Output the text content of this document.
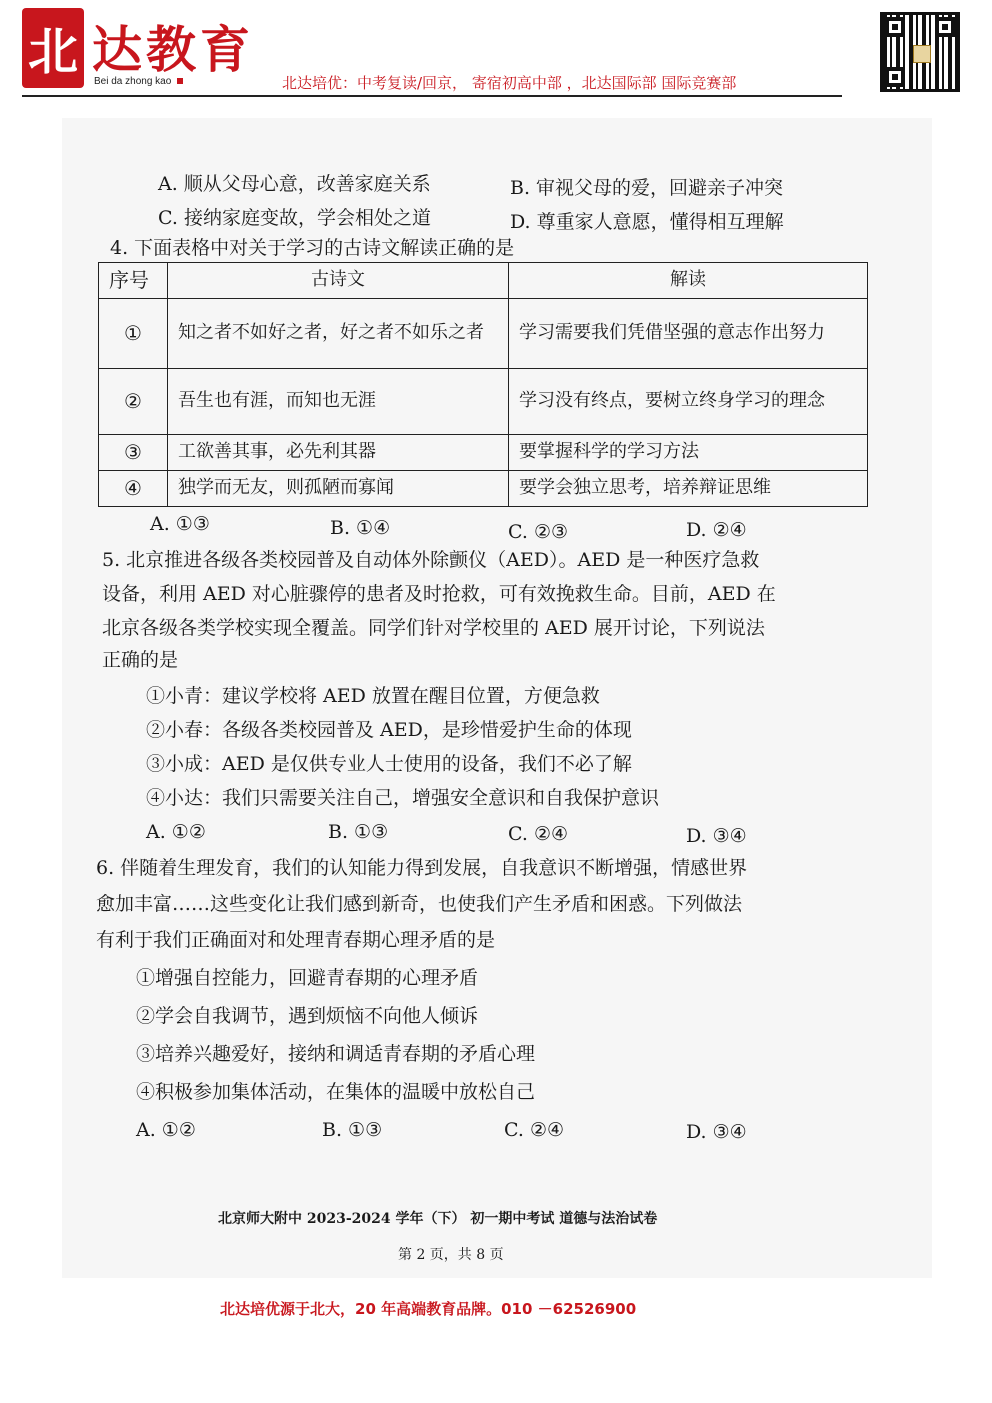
北 达教育
Bei da zhong kao	北达培优：中考复读/回京， 寄宿初高中部 ，北达国际部 国际竞赛部
A. 顺从父母心意，改善家庭关系	B. 审视父母的爱，回避亲子冲突
C. 接纳家庭变故，学会相处之道	D. 尊重家人意愿，懂得相互理解
4. 下面表格中对关于学习的古诗文解读正确的是
序号	古诗文	解读
①	知之者不如好之者，好之者不如乐之者	学习需要我们凭借坚强的意志作出努力
②	吾生也有涯，而知也无涯	学习没有终点，要树立终身学习的理念
③	工欲善其事，必先利其器	要掌握科学的学习方法
④	独学而无友，则孤陋而寡闻	要学会独立思考，培养辩证思维
A. ①③	B. ①④	C. ②③	D. ②④
5. 北京推进各级各类校园普及自动体外除颤仪（AED）。AED 是一种医疗急救
设备，利用 AED 对心脏骤停的患者及时抢救，可有效挽救生命。目前，AED 在
北京各级各类学校实现全覆盖。同学们针对学校里的 AED 展开讨论，下列说法
正确的是
①小青：建议学校将 AED 放置在醒目位置，方便急救
②小春：各级各类校园普及 AED，是珍惜爱护生命的体现
③小成：AED 是仅供专业人士使用的设备，我们不必了解
④小达：我们只需要关注自己，增强安全意识和自我保护意识
A. ①②	B. ①③	C. ②④	D. ③④
6. 伴随着生理发育，我们的认知能力得到发展，自我意识不断增强，情感世界
愈加丰富……这些变化让我们感到新奇，也使我们产生矛盾和困惑。下列做法
有利于我们正确面对和处理青春期心理矛盾的是
①增强自控能力，回避青春期的心理矛盾
②学会自我调节，遇到烦恼不向他人倾诉
③培养兴趣爱好，接纳和调适青春期的矛盾心理
④积极参加集体活动，在集体的温暖中放松自己
A. ①②	B. ①③	C. ②④	D. ③④
北京师大附中 2023-2024 学年（下） 初一期中考试 道德与法治试卷
第 2 页，共 8 页
北达培优源于北大，20 年高端教育品牌。010 －62526900
